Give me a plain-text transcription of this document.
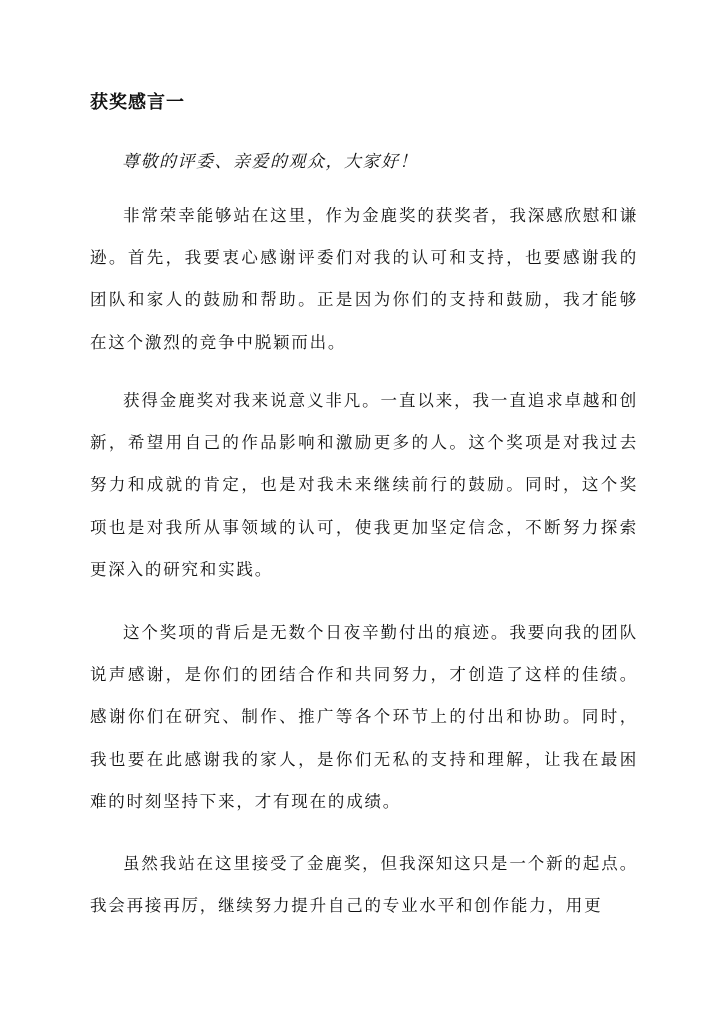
获奖感言一

尊敬的评委、亲爱的观众，大家好！

非常荣幸能够站在这里，作为金鹿奖的获奖者，我深感欣慰和谦逊。首先，我要衷心感谢评委们对我的认可和支持，也要感谢我的团队和家人的鼓励和帮助。正是因为你们的支持和鼓励，我才能够在这个激烈的竞争中脱颖而出。

获得金鹿奖对我来说意义非凡。一直以来，我一直追求卓越和创新，希望用自己的作品影响和激励更多的人。这个奖项是对我过去努力和成就的肯定，也是对我未来继续前行的鼓励。同时，这个奖项也是对我所从事领域的认可，使我更加坚定信念，不断努力探索更深入的研究和实践。

这个奖项的背后是无数个日夜辛勤付出的痕迹。我要向我的团队说声感谢，是你们的团结合作和共同努力，才创造了这样的佳绩。感谢你们在研究、制作、推广等各个环节上的付出和协助。同时，我也要在此感谢我的家人，是你们无私的支持和理解，让我在最困难的时刻坚持下来，才有现在的成绩。

虽然我站在这里接受了金鹿奖，但我深知这只是一个新的起点。我会再接再厉，继续努力提升自己的专业水平和创作能力，用更
